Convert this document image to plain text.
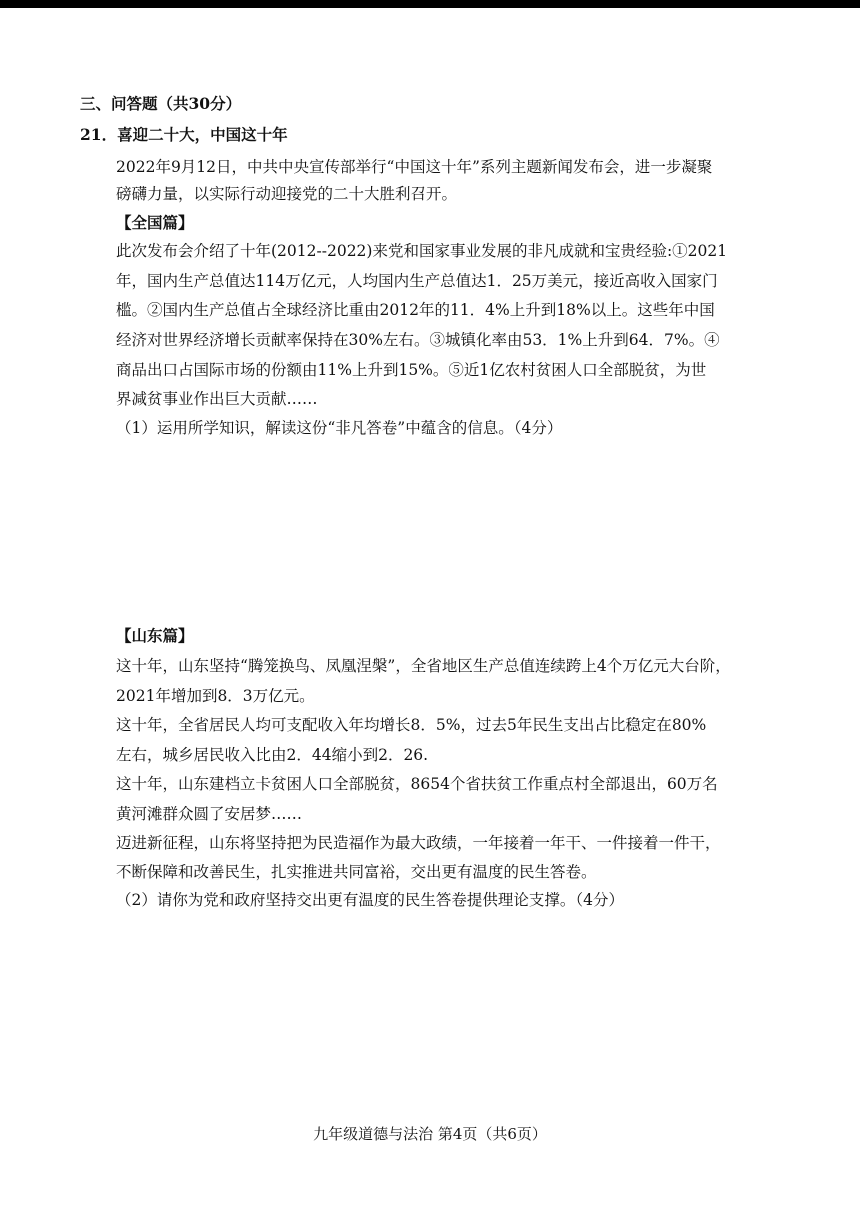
三、问答题（共30分）
21．喜迎二十大，中国这十年
2022年9月12日，中共中央宣传部举行“中国这十年”系列主题新闻发布会，进一步凝聚
磅礴力量，以实际行动迎接党的二十大胜利召开。
【全国篇】
此次发布会介绍了十年(2012--2022)来党和国家事业发展的非凡成就和宝贵经验:①2021
年，国内生产总值达114万亿元，人均国内生产总值达1．25万美元，接近高收入国家门
槛。②国内生产总值占全球经济比重由2012年的11．4%上升到18%以上。这些年中国
经济对世界经济增长贡献率保持在30%左右。③城镇化率由53．1%上升到64．7%。④
商品出口占国际市场的份额由11%上升到15%。⑤近1亿农村贫困人口全部脱贫，为世
界减贫事业作出巨大贡献……
（1）运用所学知识，解读这份“非凡答卷”中蕴含的信息。（4分）
【山东篇】
这十年，山东坚持“腾笼换鸟、凤凰涅槃”，全省地区生产总值连续跨上4个万亿元大台阶，
2021年增加到8．3万亿元。
这十年，全省居民人均可支配收入年均增长8．5%，过去5年民生支出占比稳定在80%
左右，城乡居民收入比由2．44缩小到2．26.
这十年，山东建档立卡贫困人口全部脱贫，8654个省扶贫工作重点村全部退出，60万名
黄河滩群众圆了安居梦……
迈进新征程，山东将坚持把为民造福作为最大政绩，一年接着一年干、一件接着一件干，
不断保障和改善民生，扎实推进共同富裕，交出更有温度的民生答卷。
（2）请你为党和政府坚持交出更有温度的民生答卷提供理论支撑。（4分）
九年级道德与法治 第4页（共6页）
